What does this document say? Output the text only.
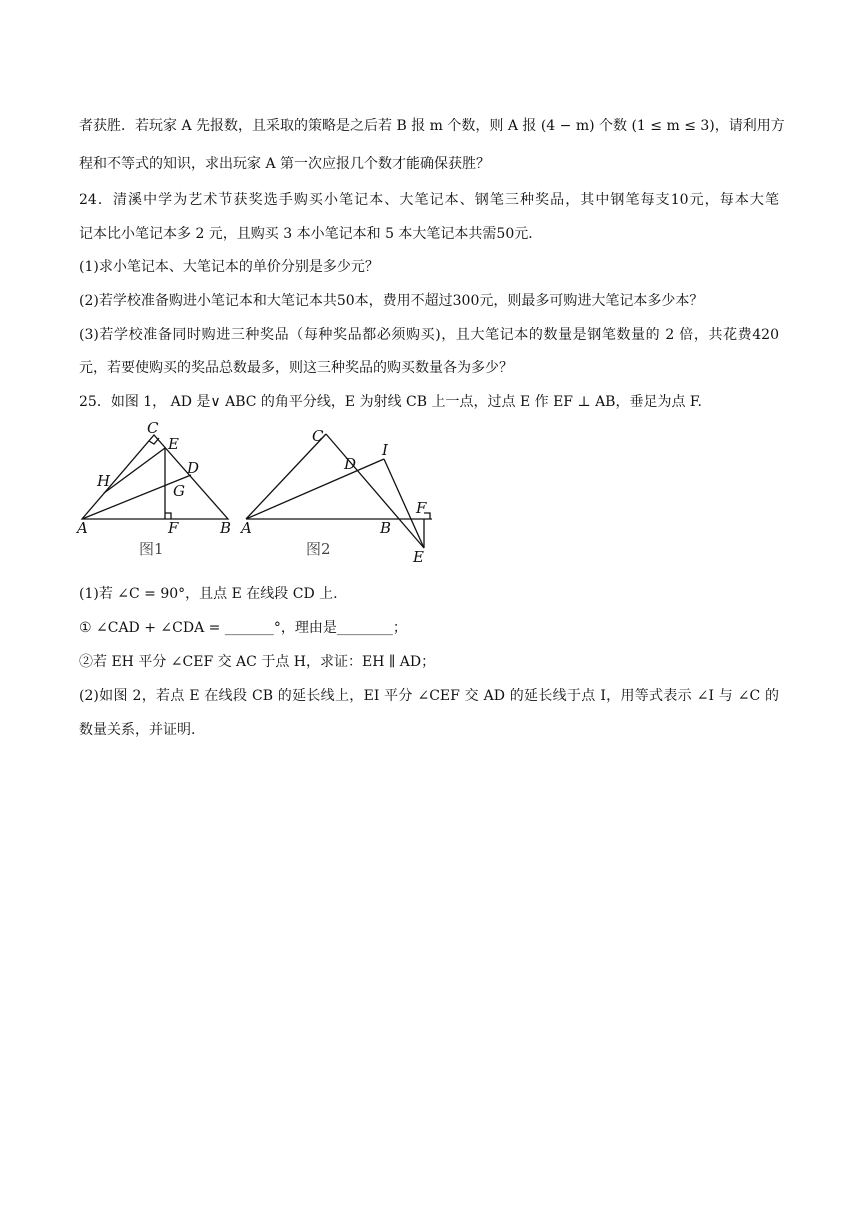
者获胜．若玩家 A 先报数，且采取的策略是之后若 B 报 m 个数，则 A 报 (4 − m) 个数 (1 ≤ m ≤ 3)，请利用方
程和不等式的知识，求出玩家 A 第一次应报几个数才能确保获胜？
24．清溪中学为艺术节获奖选手购买小笔记本、大笔记本、钢笔三种奖品，其中钢笔每支10元，每本大笔
记本比小笔记本多 2 元，且购买 3 本小笔记本和 5 本大笔记本共需50元．
(1)求小笔记本、大笔记本的单价分别是多少元？
(2)若学校准备购进小笔记本和大笔记本共50本，费用不超过300元，则最多可购进大笔记本多少本？
(3)若学校准备同时购进三种奖品（每种奖品都必须购买)，且大笔记本的数量是钢笔数量的 2 倍，共花费420
元，若要使购买的奖品总数最多，则这三种奖品的购买数量各为多少？
25．如图 1， AD 是∨ ABC 的角平分线，E 为射线 CB 上一点，过点 E 作 EF ⊥ AB，垂足为点 F.
C
E
D
H
G
A	F	B
图1
C
I
D
F
A	B
E
图2
(1)若 ∠C = 90°，且点 E 在线段 CD 上.
① ∠CAD + ∠CDA = _______°，理由是________；
②若 EH 平分 ∠CEF 交 AC 于点 H，求证：EH ∥ AD；
(2)如图 2，若点 E 在线段 CB 的延长线上，EI 平分 ∠CEF 交 AD 的延长线于点 I，用等式表示 ∠I 与 ∠C 的
数量关系，并证明.
